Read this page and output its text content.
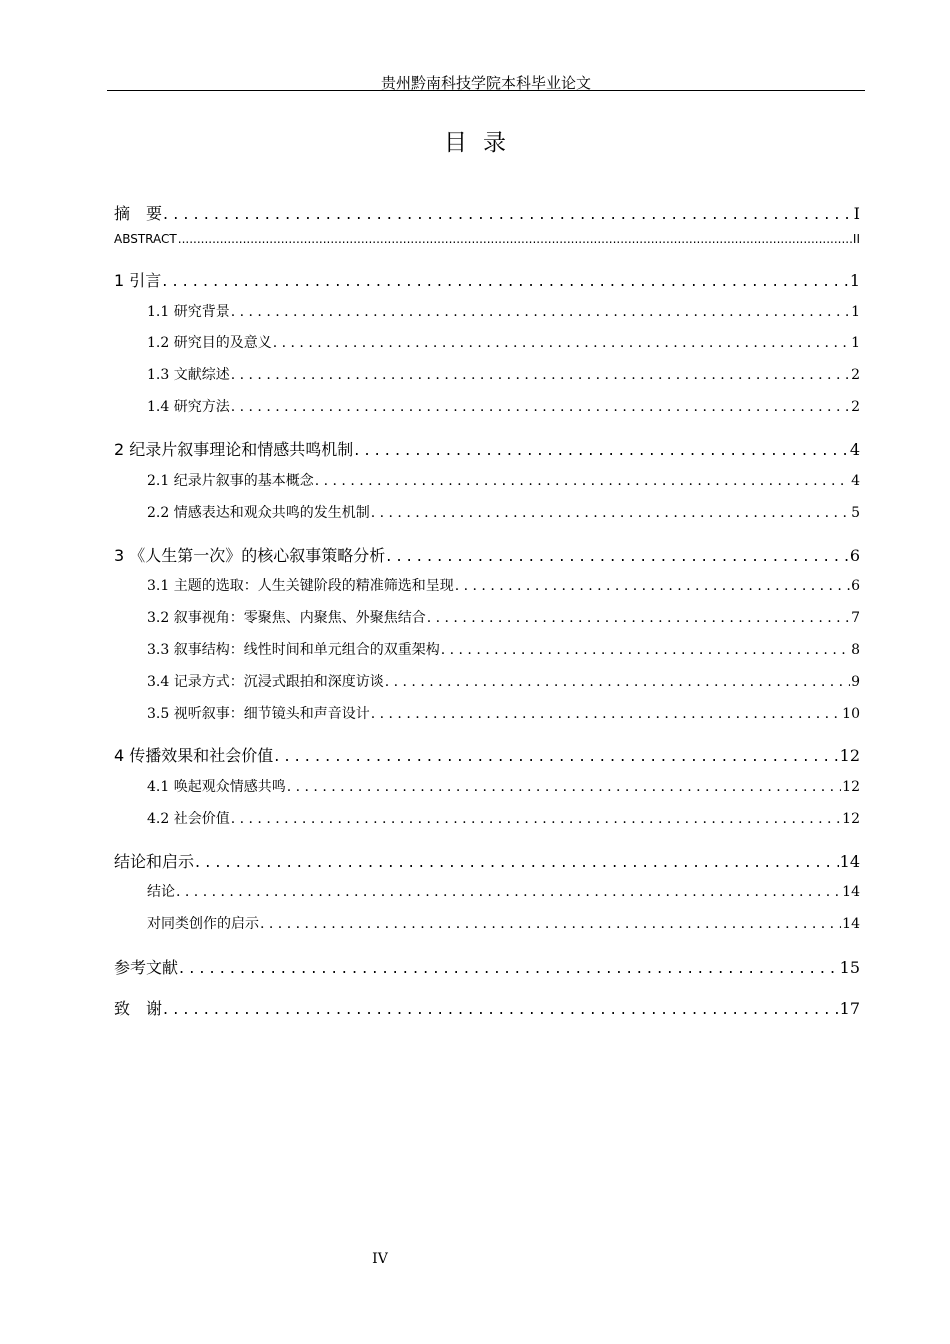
贵州黔南科技学院本科毕业论文
目录
摘　要 . . .	I
ABSTRACT .....	II
1 引言 . . .	1
1.1 研究背景 . . .	1
1.2 研究目的及意义 . . .	1
1.3 文献综述 . . .	2
1.4 研究方法 . . .	2
2 纪录片叙事理论和情感共鸣机制 . . .	4
2.1 纪录片叙事的基本概念 . . .	4
2.2 情感表达和观众共鸣的发生机制 . . .	5
3 《人生第一次》的核心叙事策略分析 . . .	6
3.1 主题的选取：人生关键阶段的精准筛选和呈现 . . .	6
3.2 叙事视角：零聚焦、内聚焦、外聚焦结合 . . .	7
3.3 叙事结构：线性时间和单元组合的双重架构 . . .	8
3.4 记录方式：沉浸式跟拍和深度访谈 . . .	9
3.5 视听叙事：细节镜头和声音设计 . . .	10
4 传播效果和社会价值 . . .	12
4.1 唤起观众情感共鸣 . . .	12
4.2 社会价值 . . .	12
结论和启示 . . .	14
结论 . . .	14
对同类创作的启示 . . .	14
参考文献 . . .	15
致　谢 . . .	17
IV
